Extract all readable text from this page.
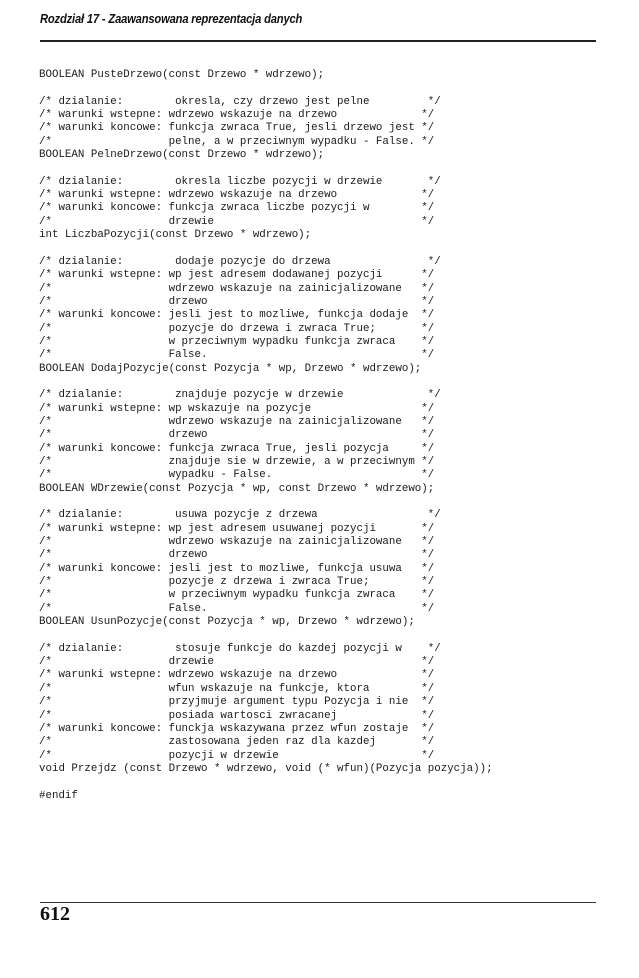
Rozdział 17 - Zaawansowana reprezentacja danych
BOOLEAN PusteDrzewo(const Drzewo * wdrzewo);
/* dzialanie:        okresla, czy drzewo jest pelne         */
/* warunki wstepne: wdrzewo wskazuje na drzewo             */
/* warunki koncowe: funkcja zwraca True, jesli drzewo jest */
/*                  pelne, a w przeciwnym wypadku - False. */
BOOLEAN PelneDrzewo(const Drzewo * wdrzewo);
/* dzialanie:        okresla liczbe pozycji w drzewie       */
/* warunki wstepne: wdrzewo wskazuje na drzewo             */
/* warunki koncowe: funkcja zwraca liczbe pozycji w        */
/*                  drzewie                                */
int LiczbaPozycji(const Drzewo * wdrzewo);
/* dzialanie:        dodaje pozycje do drzewa               */
/* warunki wstepne: wp jest adresem dodawanej pozycji      */
/*                  wdrzewo wskazuje na zainicjalizowane   */
/*                  drzewo                                 */
/* warunki koncowe: jesli jest to mozliwe, funkcja dodaje  */
/*                  pozycje do drzewa i zwraca True;       */
/*                  w przeciwnym wypadku funkcja zwraca    */
/*                  False.                                 */
BOOLEAN DodajPozycje(const Pozycja * wp, Drzewo * wdrzewo);
/* dzialanie:        znajduje pozycje w drzewie             */
/* warunki wstepne: wp wskazuje na pozycje                 */
/*                  wdrzewo wskazuje na zainicjalizowane   */
/*                  drzewo                                 */
/* warunki koncowe: funkcja zwraca True, jesli pozycja     */
/*                  znajduje sie w drzewie, a w przeciwnym */
/*                  wypadku - False.                       */
BOOLEAN WDrzewie(const Pozycja * wp, const Drzewo * wdrzewo);
/* dzialanie:        usuwa pozycje z drzewa                 */
/* warunki wstepne: wp jest adresem usuwanej pozycji       */
/*                  wdrzewo wskazuje na zainicjalizowane   */
/*                  drzewo                                 */
/* warunki koncowe: jesli jest to mozliwe, funkcja usuwa   */
/*                  pozycje z drzewa i zwraca True;        */
/*                  w przeciwnym wypadku funkcja zwraca    */
/*                  False.                                 */
BOOLEAN UsunPozycje(const Pozycja * wp, Drzewo * wdrzewo);
/* dzialanie:        stosuje funkcje do kazdej pozycji w    */
/*                  drzewie                                */
/* warunki wstepne: wdrzewo wskazuje na drzewo             */
/*                  wfun wskazuje na funkcje, ktora        */
/*                  przyjmuje argument typu Pozycja i nie  */
/*                  posiada wartosci zwracanej             */
/* warunki koncowe: funckja wskazywana przez wfun zostaje  */
/*                  zastosowana jeden raz dla kazdej       */
/*                  pozycji w drzewie                      */
void Przejdz (const Drzewo * wdrzewo, void (* wfun)(Pozycja pozycja));
#endif
612
